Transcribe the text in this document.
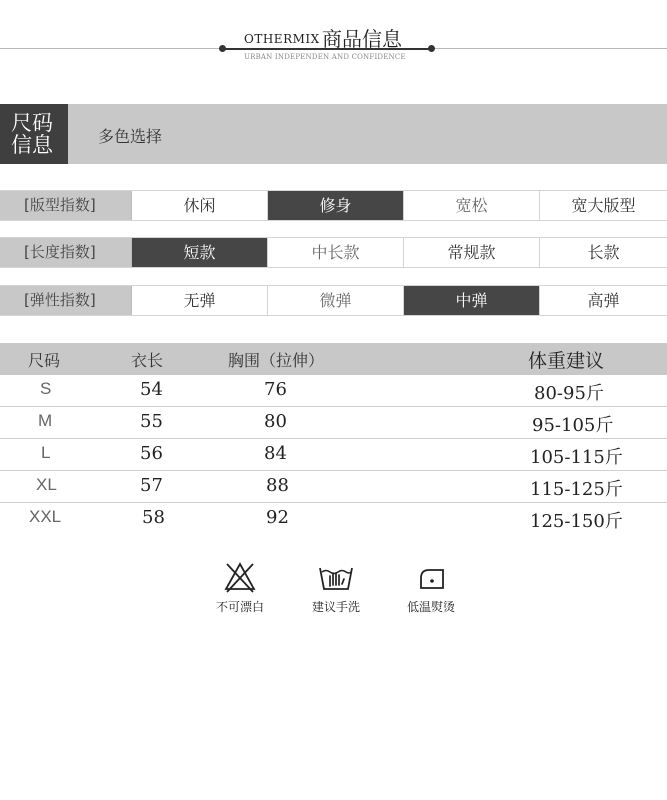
OTHERMIX 商品信息
URBAN INDEPENDEN AND CONFIDENCE
尺码
信息	多色选择
[版型指数]	休闲	修身	宽松	宽大版型
[长度指数]	短款	中长款	常规款	长款
[弹性指数]	无弹	微弹	中弹	高弹
尺码	衣长	胸围（拉伸）	体重建议
S	54	76	80-95斤
M	55	80	95-105斤
L	56	84	105-115斤
XL	57	88	115-125斤
XXL	58	92	125-150斤
不可漂白	建议手洗	低温熨烫
